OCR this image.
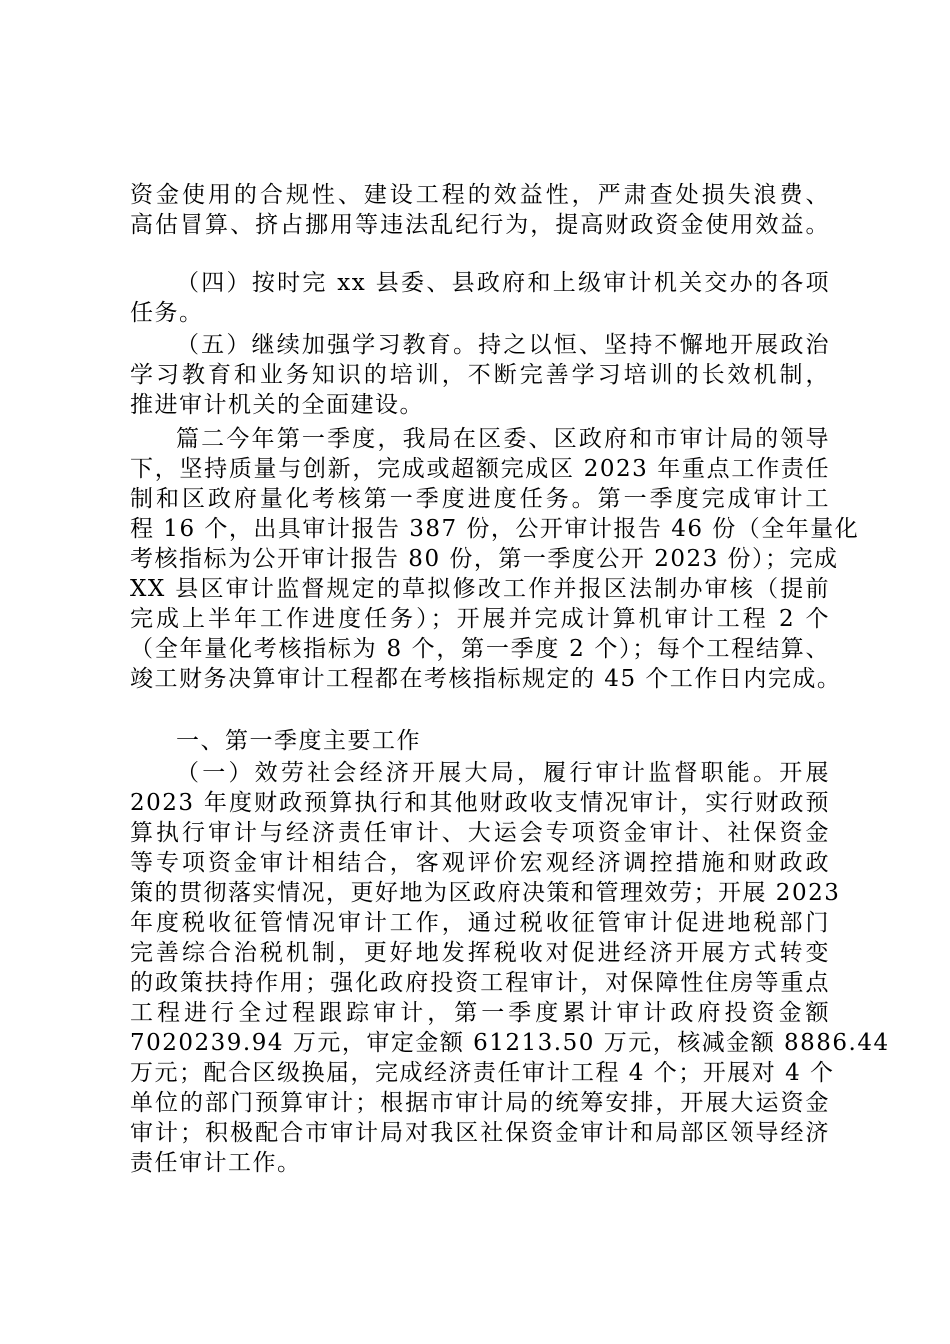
资金使用的合规性、建设工程的效益性，严肃查处损失浪费、
高估冒算、挤占挪用等违法乱纪行为，提高财政资金使用效益。
（四）按时完 xx 县委、县政府和上级审计机关交办的各项
任务。
（五）继续加强学习教育。持之以恒、坚持不懈地开展政治
学习教育和业务知识的培训，不断完善学习培训的长效机制，
推进审计机关的全面建设。
篇二今年第一季度，我局在区委、区政府和市审计局的领导
下，坚持质量与创新，完成或超额完成区 2023 年重点工作责任
制和区政府量化考核第一季度进度任务。第一季度完成审计工
程 16 个，出具审计报告 387 份，公开审计报告 46 份（全年量化
考核指标为公开审计报告 80 份，第一季度公开 2023 份）；完成
XX 县区审计监督规定的草拟修改工作并报区法制办审核（提前
完成上半年工作进度任务）；开展并完成计算机审计工程 2 个
（全年量化考核指标为 8 个，第一季度 2 个）；每个工程结算、
竣工财务决算审计工程都在考核指标规定的 45 个工作日内完成。
一、第一季度主要工作
（一）效劳社会经济开展大局，履行审计监督职能。开展
2023 年度财政预算执行和其他财政收支情况审计，实行财政预
算执行审计与经济责任审计、大运会专项资金审计、社保资金
等专项资金审计相结合，客观评价宏观经济调控措施和财政政
策的贯彻落实情况，更好地为区政府决策和管理效劳；开展 2023
年度税收征管情况审计工作，通过税收征管审计促进地税部门
完善综合治税机制，更好地发挥税收对促进经济开展方式转变
的政策扶持作用；强化政府投资工程审计，对保障性住房等重点
工程进行全过程跟踪审计，第一季度累计审计政府投资金额
7020239.94 万元，审定金额 61213.50 万元，核减金额 8886.44
万元；配合区级换届，完成经济责任审计工程 4 个；开展对 4 个
单位的部门预算审计；根据市审计局的统筹安排，开展大运资金
审计；积极配合市审计局对我区社保资金审计和局部区领导经济
责任审计工作。
